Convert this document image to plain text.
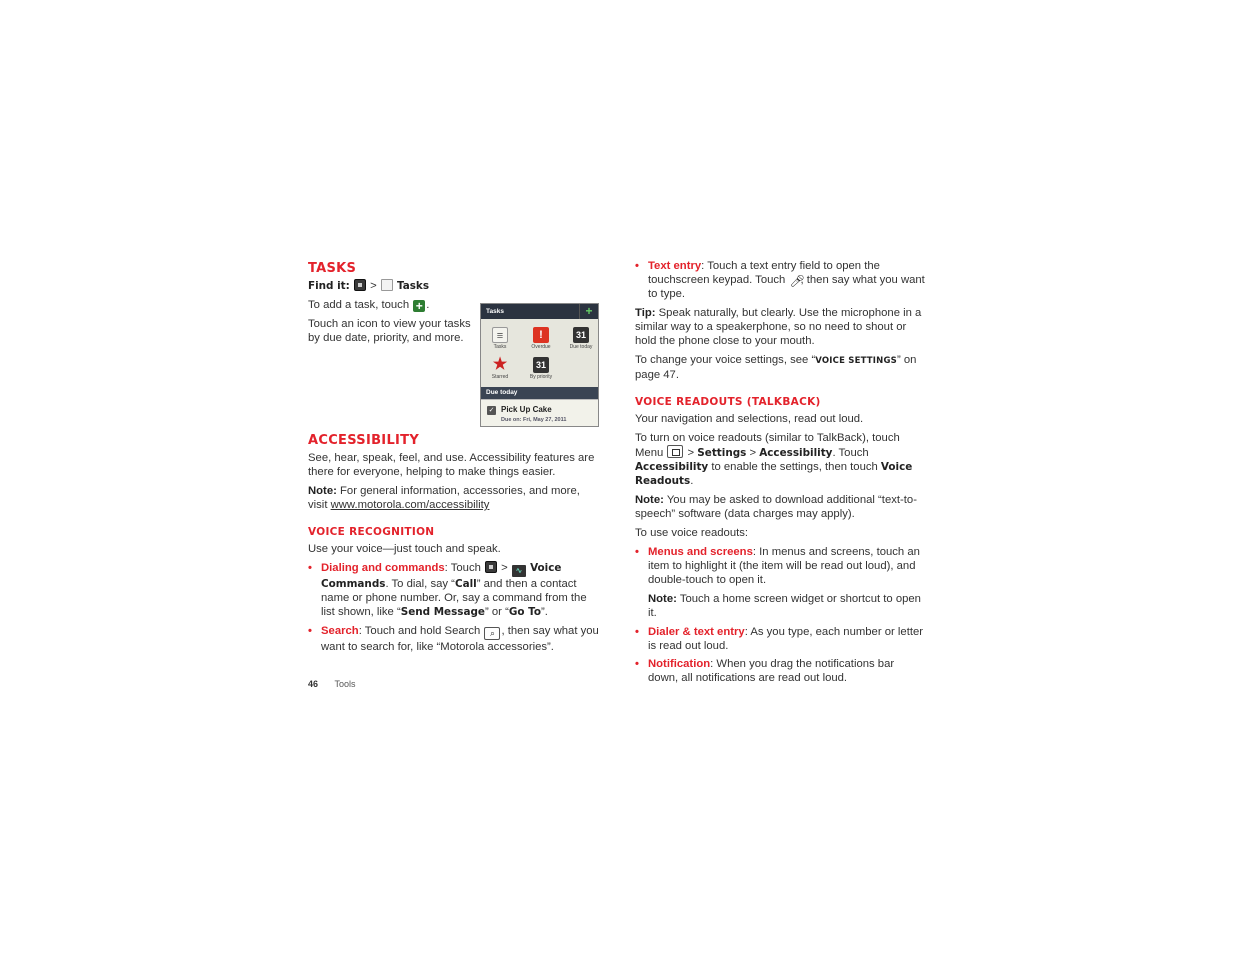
TASKS

Find it: > Tasks

To add a task, touch + .

Touch an icon to view your tasks by due date, priority, and more.

Tasks	+
≡
Tasks
!
Overdue
31
Due today
★
Starred
31
By priority
Due today
✓ Pick Up Cake
Due on: Fri, May 27, 2011
ACCESSIBILITY

See, hear, speak, feel, and use. Accessibility features are there for everyone, helping to make things easier.

Note: For general information, accessories, and more, visit www.motorola.com/accessibility

VOICE RECOGNITION

Use your voice—just touch and speak.

• Dialing and commands: Touch > ∿ Voice Commands. To dial, say “Call” and then a contact name or phone number. Or, say a command from the list shown, like “Send Message” or “Go To”.
• Search: Touch and hold Search ⌕ , then say what you want to search for, like “Motorola accessories”.
• Text entry: Touch a text entry field to open the touchscreen keypad. Touch 🎤︎, then say what you want to type.

Tip: Speak naturally, but clearly. Use the microphone in a similar way to a speakerphone, so no need to shout or hold the phone close to your mouth.

To change your voice settings, see “VOICE SETTINGS” on page 47.

VOICE READOUTS (TALKBACK)

Your navigation and selections, read out loud.

To turn on voice readouts (similar to TalkBack), touch Menu > Settings > Accessibility. Touch Accessibility to enable the settings, then touch Voice Readouts.

Note: You may be asked to download additional “text-to-speech” software (data charges may apply).

To use voice readouts:

• Menus and screens: In menus and screens, touch an item to highlight it (the item will be read out loud), and double-touch to open it.

Note: Touch a home screen widget or shortcut to open it.

• Dialer & text entry: As you type, each number or letter is read out loud.
• Notification: When you drag the notifications bar down, all notifications are read out loud.
46 Tools
